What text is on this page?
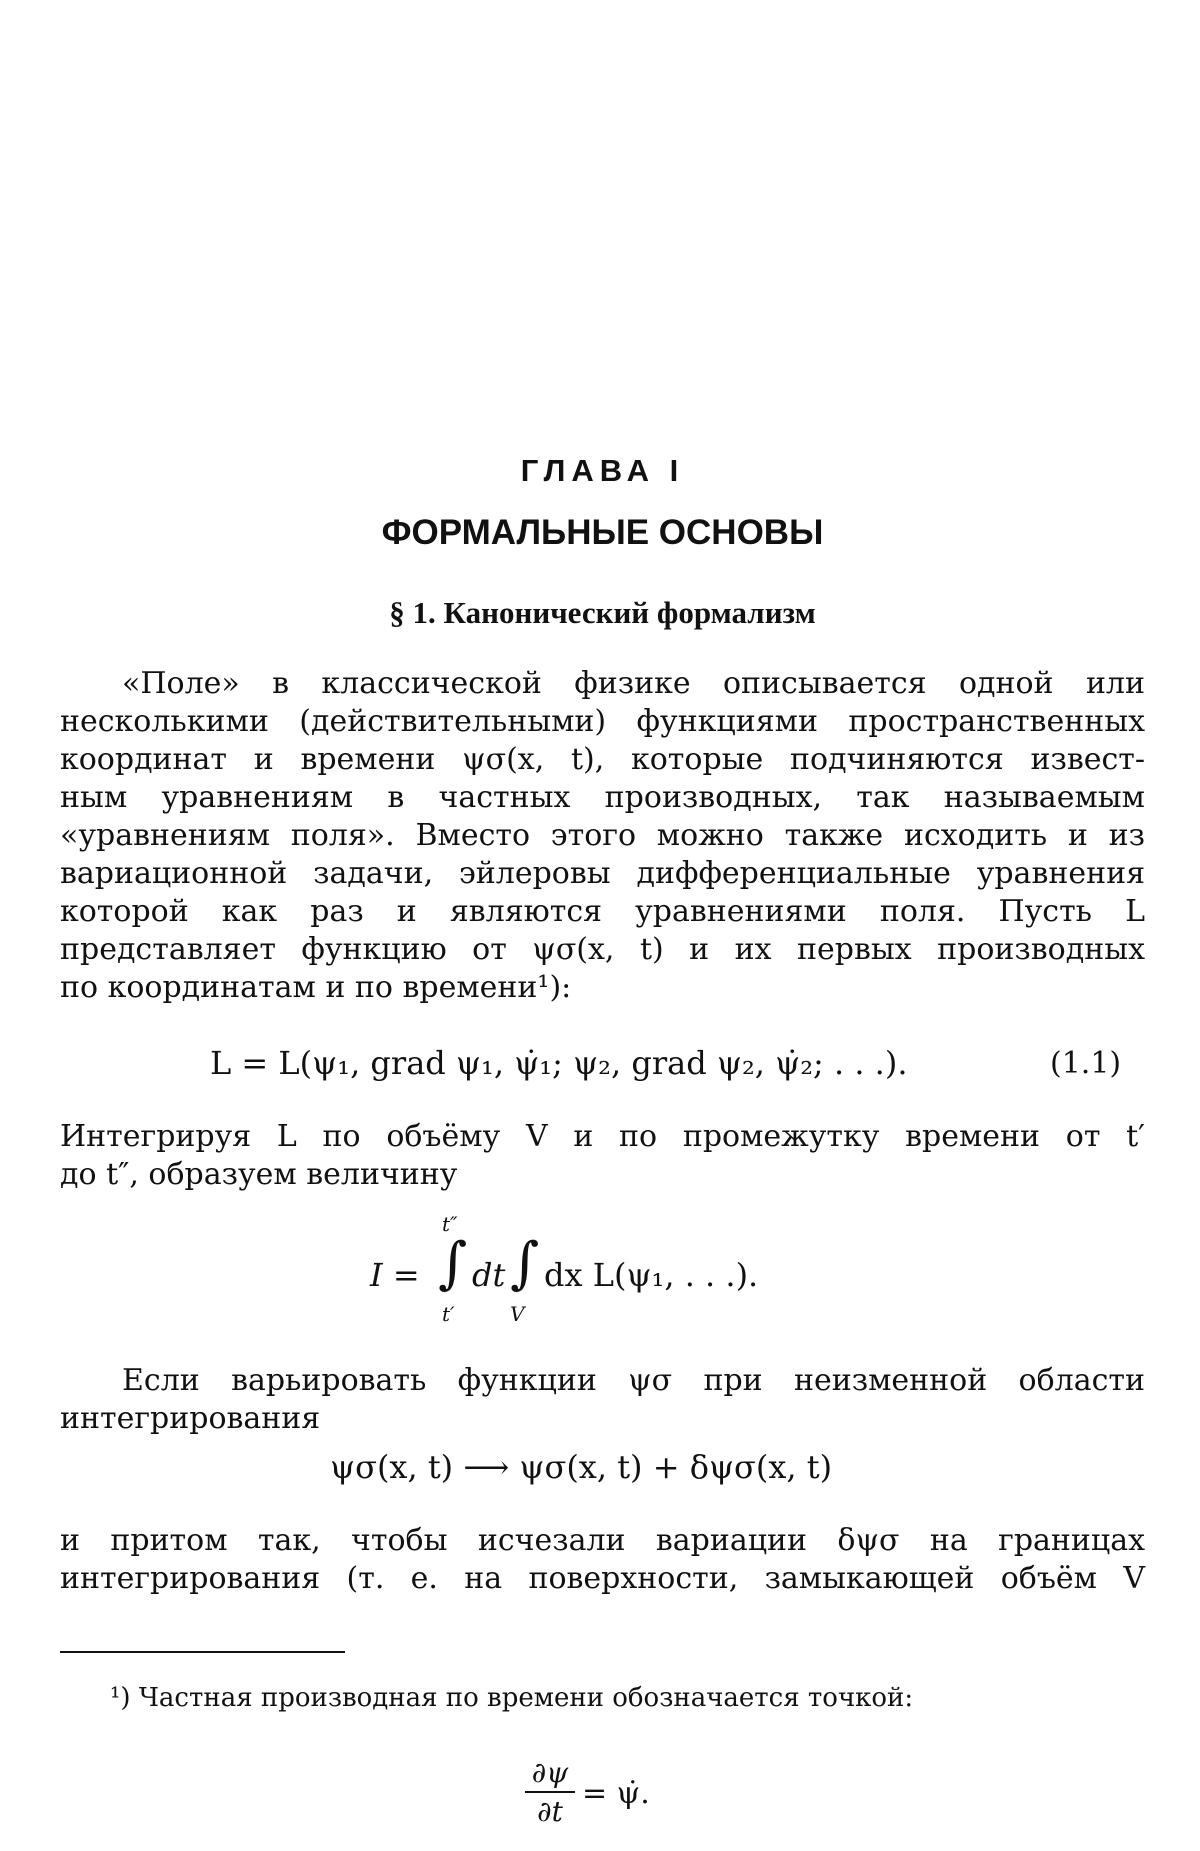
ГЛАВА I
ФОРМАЛЬНЫЕ ОСНОВЫ
§ 1. Канонический формализм
«Поле» в классической физике описывается одной или
несколькими (действительными) функциями пространственных
координат и времени ψσ(x, t), которые подчиняются извест-
ным уравнениям в частных производных, так называемым
«уравнениям поля». Вместо этого можно также исходить и из
вариационной задачи, эйлеровы дифференциальные уравнения
которой как раз и являются уравнениями поля. Пусть L
представляет функцию от ψσ(x, t) и их первых производных
по координатам и по времени¹):
L = L(ψ₁, grad ψ₁, ψ̇₁; ψ₂, grad ψ₂, ψ̇₂; . . .).	(1.1)
Интегрируя L по объёму V и по промежутку времени от t′
до t″, образуем величину
I = ∫
t″
t′
dt ∫
V
dx L(ψ₁, . . .).
Если варьировать функции ψσ при неизменной области
интегрирования
ψσ(x, t) ⟶ ψσ(x, t) + δψσ(x, t)
и притом так, чтобы исчезали вариации δψσ на границах
интегрирования (т. е. на поверхности, замыкающей объём V
¹) Частная производная по времени обозначается точкой:
$\frac{\partial\psi}{\partial t}$ = ψ̇.
